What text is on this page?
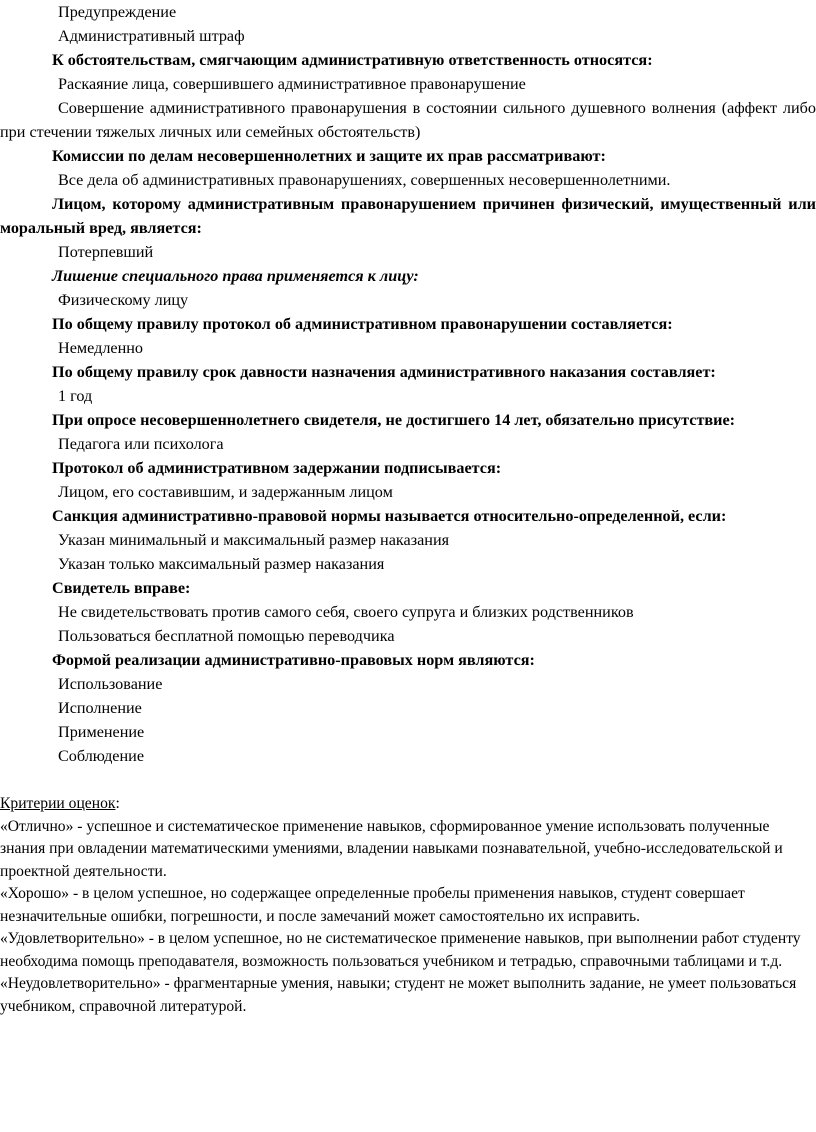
Предупреждение

Административный штраф

К обстоятельствам, смягчающим административную ответственность относятся:

Раскаяние лица, совершившего административное правонарушение

Совершение административного правонарушения в состоянии сильного душевного волнения (аффект либо при стечении тяжелых личных или семейных обстоятельств)

Комиссии по делам несовершеннолетних и защите их прав рассматривают:

Все дела об административных правонарушениях, совершенных несовершеннолетними.

Лицом, которому административным правонарушением причинен физический, имущественный или моральный вред, является:

Потерпевший

Лишение специального права применяется к лицу:

Физическому лицу

По общему правилу протокол об административном правонарушении составляется:

Немедленно

По общему правилу срок давности назначения административного наказания составляет:

1 год

При опросе несовершеннолетнего свидетеля, не достигшего 14 лет, обязательно присутствие:

Педагога или психолога

Протокол об административном задержании подписывается:

Лицом, его составившим, и задержанным лицом

Санкция административно-правовой нормы называется относительно-определенной, если:

Указан минимальный и максимальный размер наказания

Указан только максимальный размер наказания

Свидетель вправе:

Не свидетельствовать против самого себя, своего супруга и близких родственников

Пользоваться бесплатной помощью переводчика

Формой реализации административно-правовых норм являются:

Использование

Исполнение

Применение

Соблюдение

Критерии оценок:

«Отлично» - успешное и систематическое применение навыков, сформированное умение использовать полученные знания при овладении математическими умениями, владении навыками познавательной, учебно-исследовательской и проектной деятельности.

«Хорошо» - в целом успешное, но содержащее определенные пробелы применения навыков, студент совершает незначительные ошибки, погрешности, и после замечаний может самостоятельно их исправить.

«Удовлетворительно» - в целом успешное, но не систематическое применение навыков, при выполнении работ студенту необходима помощь преподавателя, возможность пользоваться учебником и тетрадью, справочными таблицами и т.д.

«Неудовлетворительно» - фрагментарные умения, навыки; студент не может выполнить задание, не умеет пользоваться учебником, справочной литературой.
